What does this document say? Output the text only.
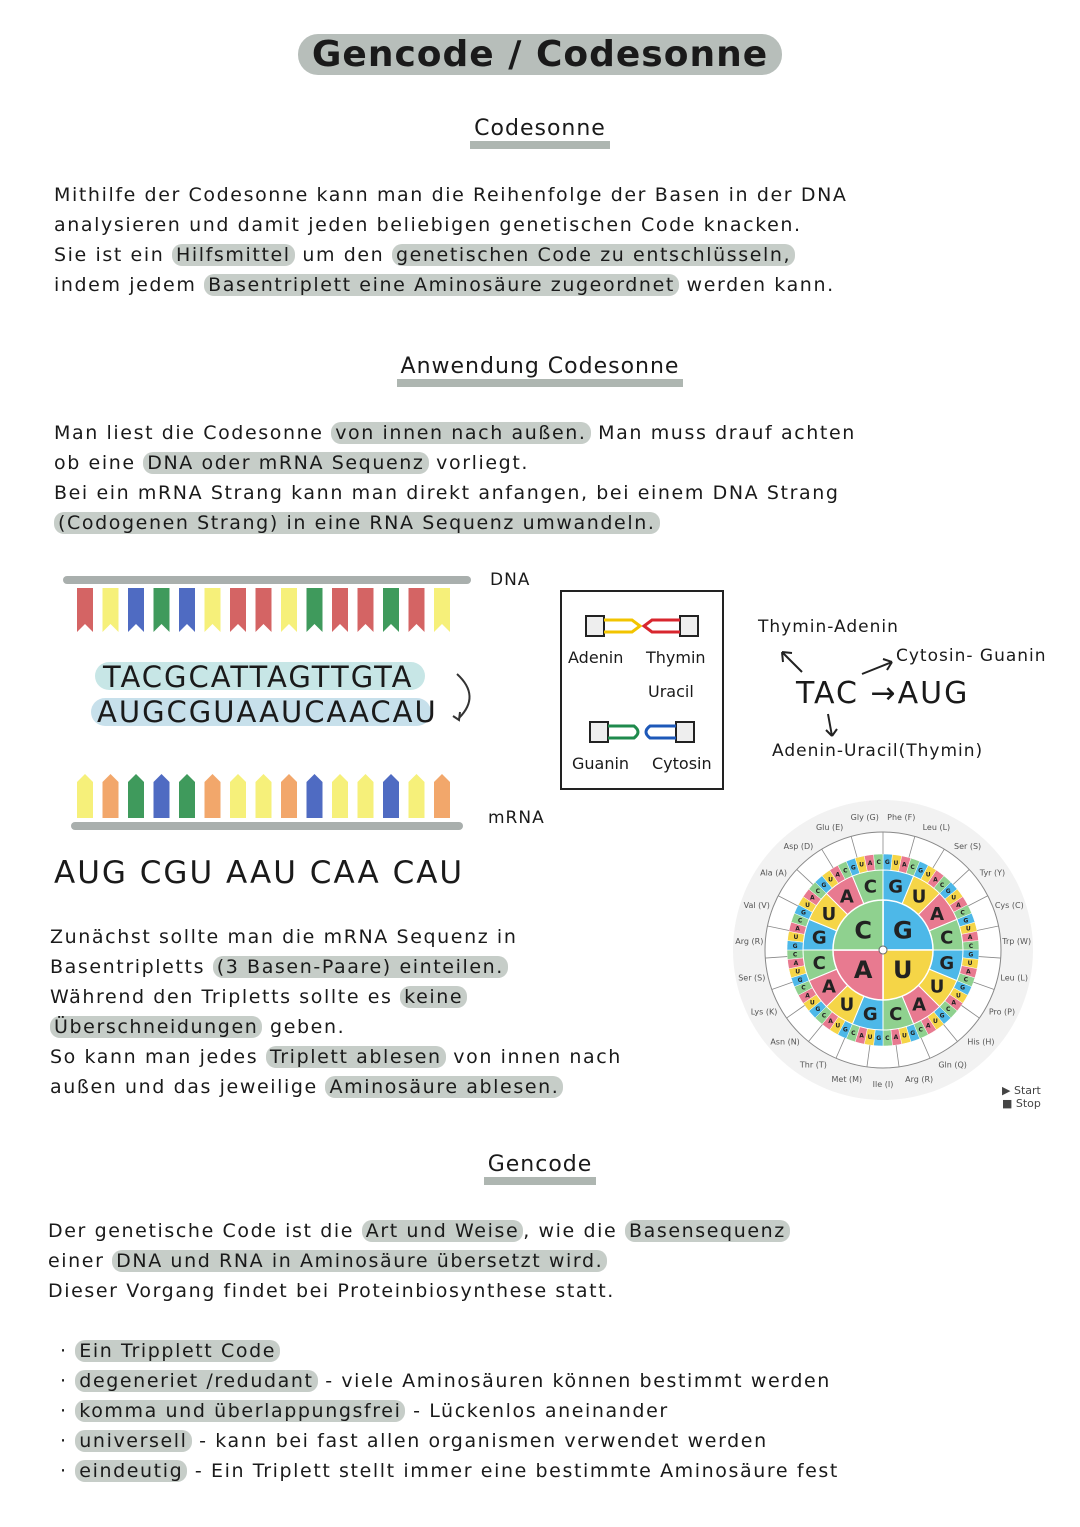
Gencode / Codesonne
Codesonne
Mithilfe der Codesonne kann man die Reihenfolge der Basen in der DNA
analysieren und damit jeden beliebigen genetischen Code knacken.
Sie ist ein Hilfsmittel um den genetischen Code zu entschlüsseln,
indem jedem Basentriplett eine Aminosäure zugeordnet werden kann.
Anwendung Codesonne
Man liest die Codesonne von innen nach außen. Man muss drauf achten
ob eine DNA oder mRNA Sequenz vorliegt.
Bei ein mRNA Strang kann man direkt anfangen, bei einem DNA Strang
(Codogenen Strang) in eine RNA Sequenz umwandeln.
TACGCATTAGTTGTA
AUGCGUAAUCAACAU
DNA
mRNA
AUG CGU AAU CAA CAU
Adenin Thymin
Uracil
Guanin Cytosin
Thymin-Adenin
Cytosin- Guanin
TAC →AUG
Adenin-Uracil(Thymin)
G U A C G
U
A
C
G
U
A
C
G
U
A
C
G
U
A
C
G
U
A
C
G
U
A
C
G
U
A
C
G
U
A
C
G
U
A
C
G
U
A
C
G
U
A
C
G
U
A
C
G
U
A
C
G
U
A
C G U A C
G U
A
C
G
U
A
C
G
U
A
C
G
U
A C
G
U
A
C
Phe (F)
Leu (L)
Ser (S)
Tyr (Y)
Cys (C)
Trp (W)
Leu (L)
Pro (P)
His (H)
Gln (Q)
Arg (R)
Ile (I)
Met (M)
Thr (T)
Asn (N)
Lys (K)
Ser (S)
Arg (R)
Val (V)
Ala (A)
Asp (D)
Glu (E)
Gly (G)
▶ Start
■ Stop
Zunächst sollte man die mRNA Sequenz in
Basentripletts (3 Basen-Paare) einteilen.
Während den Tripletts sollte es keine
Überschneidungen geben.
So kann man jedes Triplett ablesen von innen nach
außen und das jeweilige Aminosäure ablesen.
Gencode
Der genetische Code ist die Art und Weise , wie die Basensequenz
einer DNA und RNA in Aminosäure übersetzt wird.
Dieser Vorgang findet bei Proteinbiosynthese statt.
· Ein Tripplett Code
· degeneriet /redudant - viele Aminosäuren können bestimmt werden
· komma und überlappungsfrei - Lückenlos aneinander
· universell - kann bei fast allen organismen verwendet werden
· eindeutig - Ein Triplett stellt immer eine bestimmte Aminosäure fest
